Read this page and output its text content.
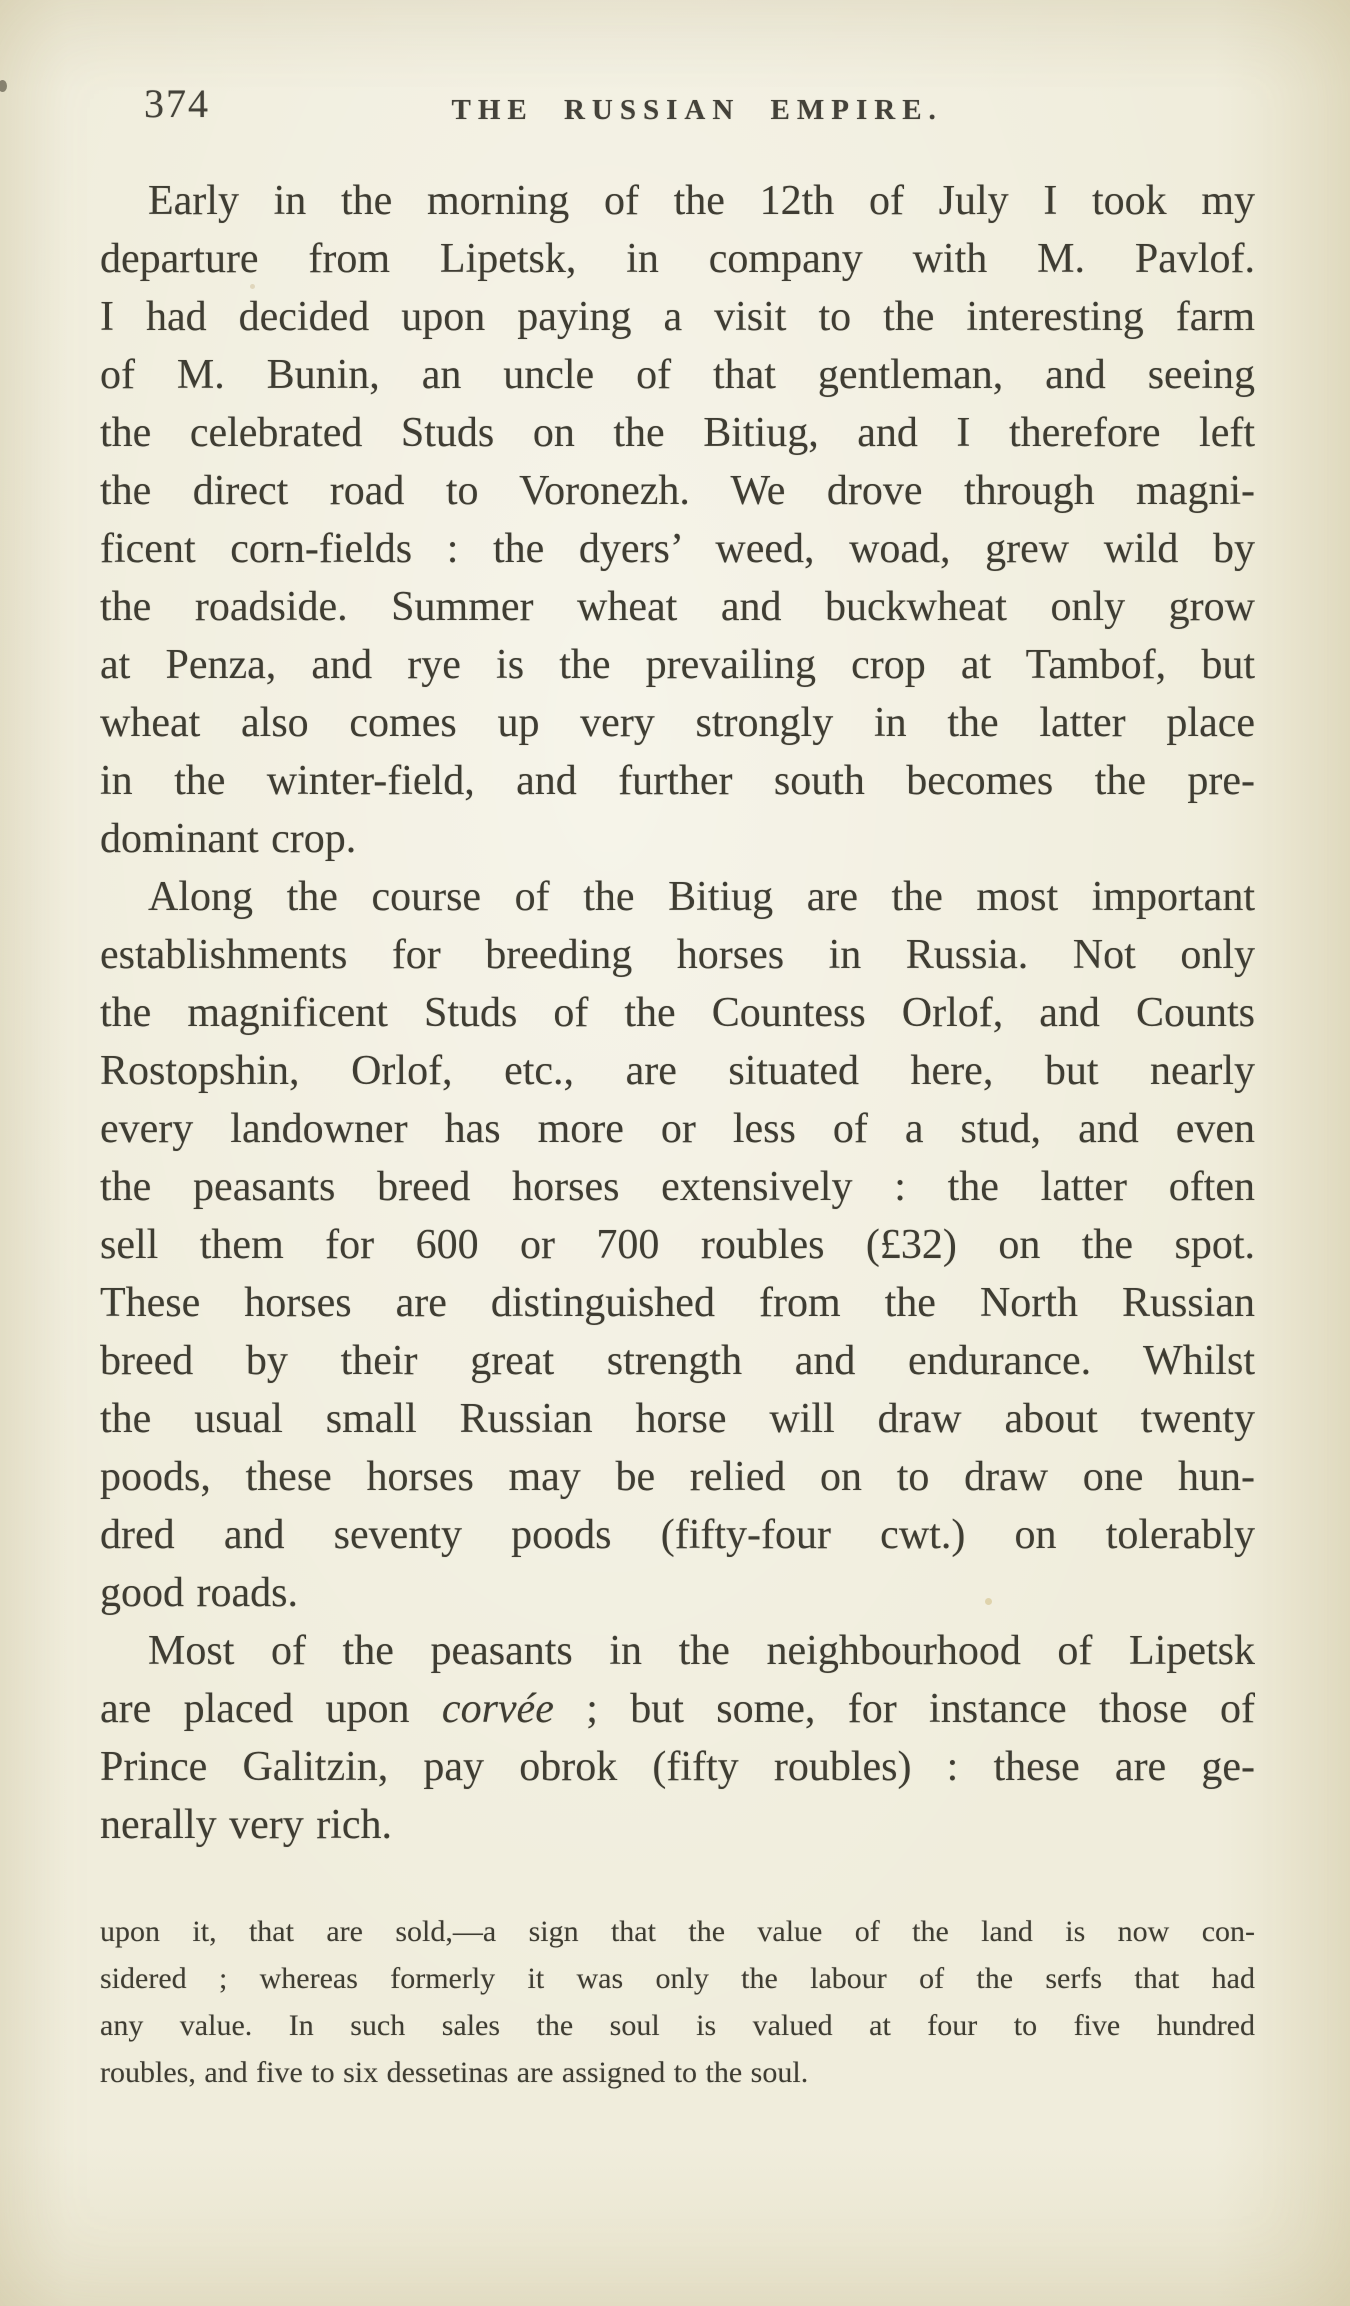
374	THE RUSSIAN EMPIRE.

Early in the morning of the 12th of July I took my
departure from Lipetsk, in company with M. Pavlof.
I had decided upon paying a visit to the interesting farm
of M. Bunin, an uncle of that gentleman, and seeing
the celebrated Studs on the Bitiug, and I therefore left
the direct road to Voronezh. We drove through magni-
ficent corn-fields : the dyers’ weed, woad, grew wild by
the roadside. Summer wheat and buckwheat only grow
at Penza, and rye is the prevailing crop at Tambof, but
wheat also comes up very strongly in the latter place
in the winter-field, and further south becomes the pre-
dominant crop.

Along the course of the Bitiug are the most important
establishments for breeding horses in Russia. Not only
the magnificent Studs of the Countess Orlof, and Counts
Rostopshin, Orlof, etc., are situated here, but nearly
every landowner has more or less of a stud, and even
the peasants breed horses extensively : the latter often
sell them for 600 or 700 roubles (£32) on the spot.
These horses are distinguished from the North Russian
breed by their great strength and endurance. Whilst
the usual small Russian horse will draw about twenty
poods, these horses may be relied on to draw one hun-
dred and seventy poods (fifty-four cwt.) on tolerably
good roads.

Most of the peasants in the neighbourhood of Lipetsk
are placed upon corvée ; but some, for instance those of
Prince Galitzin, pay obrok (fifty roubles) : these are ge-
nerally very rich.

upon it, that are sold,—a sign that the value of the land is now con-
sidered ; whereas formerly it was only the labour of the serfs that had
any value. In such sales the soul is valued at four to five hundred
roubles, and five to six dessetinas are assigned to the soul.
